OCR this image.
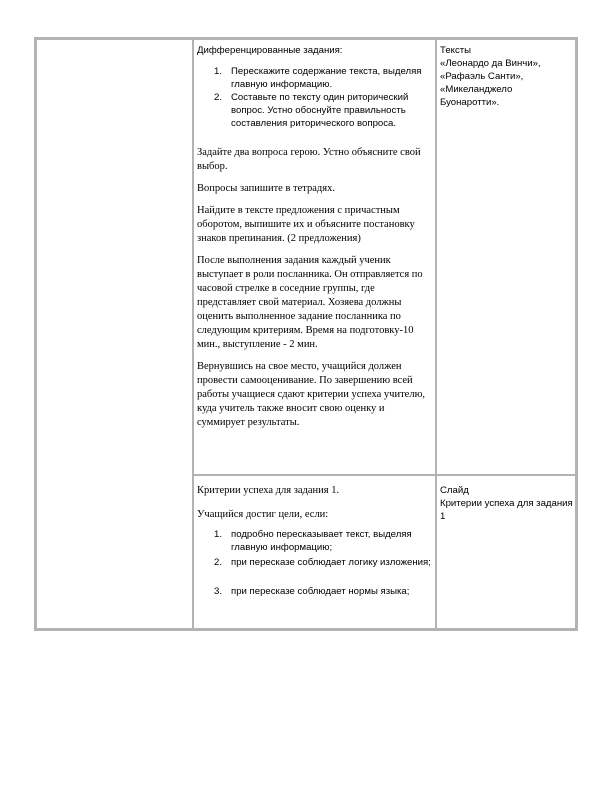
Дифференцированные задания:

1. Перескажите содержание текста, выделяя главную информацию.
2. Составьте по тексту один риторический вопрос. Устно обоснуйте правильность составления риторического вопроса.

Задайте два вопроса герою. Устно объясните свой выбор.

Вопросы запишите в тетрадях.

Найдите в тексте предложения с причастным оборотом, выпишите их и объясните постановку знаков препинания. (2 предложения)

После выполнения задания каждый ученик выступает в роли посланника. Он отправляется по часовой стрелке в соседние группы, где представляет свой материал. Хозяева должны оценить выполненное задание посланника по следующим критериям. Время на подготовку-10 мин., выступление - 2 мин.

Вернувшись на свое место, учащийся должен провести самооценивание. По завершению всей работы учащиеся сдают критерии успеха учителю, куда учитель также вносит свою оценку и суммирует результаты.

Тексты

«Леонардо да Винчи»,

«Рафаэль Санти»,

«Микеланджело Буонаротти».

Критерии успеха для задания 1.

Учащийся достиг цели, если:

1. подробно пересказывает текст, выделяя главную информацию;
2. при пересказе соблюдает логику изложения;
3. при пересказе соблюдает нормы языка;

Слайд

Критерии успеха для задания 1
